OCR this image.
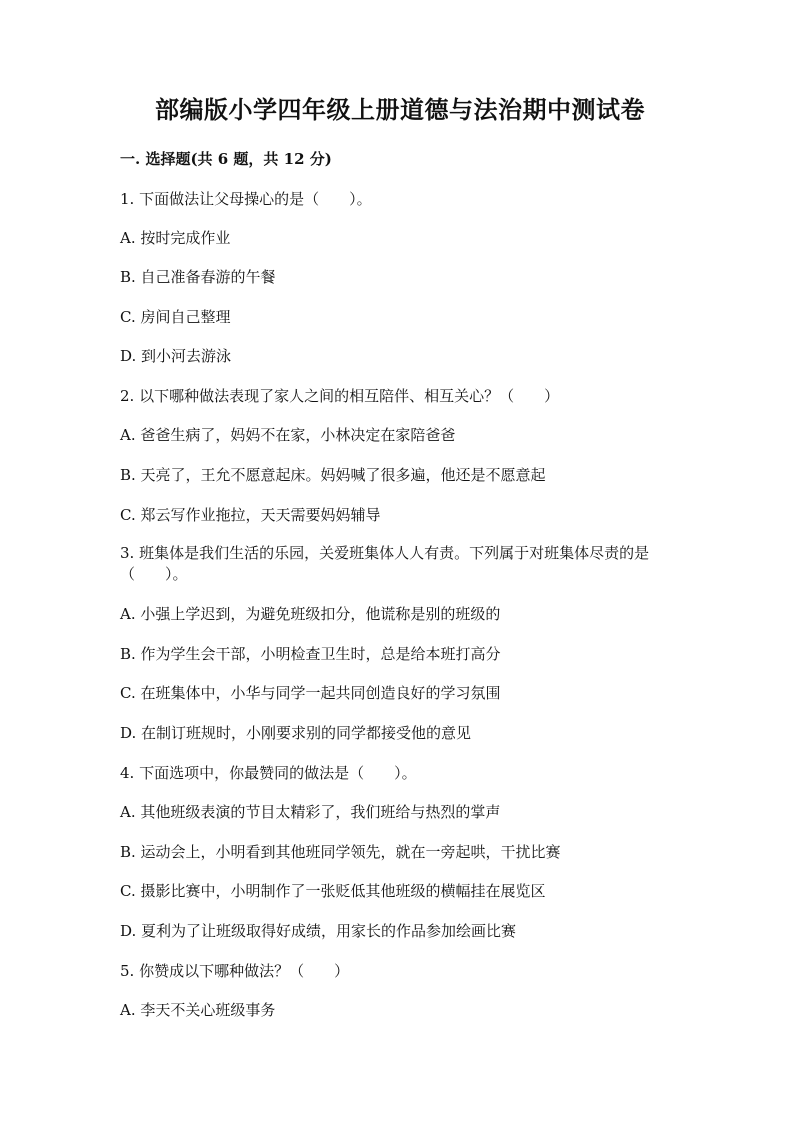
部编版小学四年级上册道德与法治期中测试卷
一. 选择题(共 6 题，共 12 分)
1. 下面做法让父母操心的是（　　）。
A. 按时完成作业
B. 自己准备春游的午餐
C. 房间自己整理
D. 到小河去游泳
2. 以下哪种做法表现了家人之间的相互陪伴、相互关心？（　　）
A. 爸爸生病了，妈妈不在家，小林决定在家陪爸爸
B. 天亮了，王允不愿意起床。妈妈喊了很多遍，他还是不愿意起
C. 郑云写作业拖拉，天天需要妈妈辅导
3. 班集体是我们生活的乐园，关爱班集体人人有责。下列属于对班集体尽责的是（　　）。
A. 小强上学迟到，为避免班级扣分，他谎称是别的班级的
B. 作为学生会干部，小明检查卫生时，总是给本班打高分
C. 在班集体中，小华与同学一起共同创造良好的学习氛围
D. 在制订班规时，小刚要求别的同学都接受他的意见
4. 下面选项中，你最赞同的做法是（　　）。
A. 其他班级表演的节目太精彩了，我们班给与热烈的掌声
B. 运动会上，小明看到其他班同学领先，就在一旁起哄，干扰比赛
C. 摄影比赛中，小明制作了一张贬低其他班级的横幅挂在展览区
D. 夏利为了让班级取得好成绩，用家长的作品参加绘画比赛
5. 你赞成以下哪种做法？（　　）
A. 李天不关心班级事务
